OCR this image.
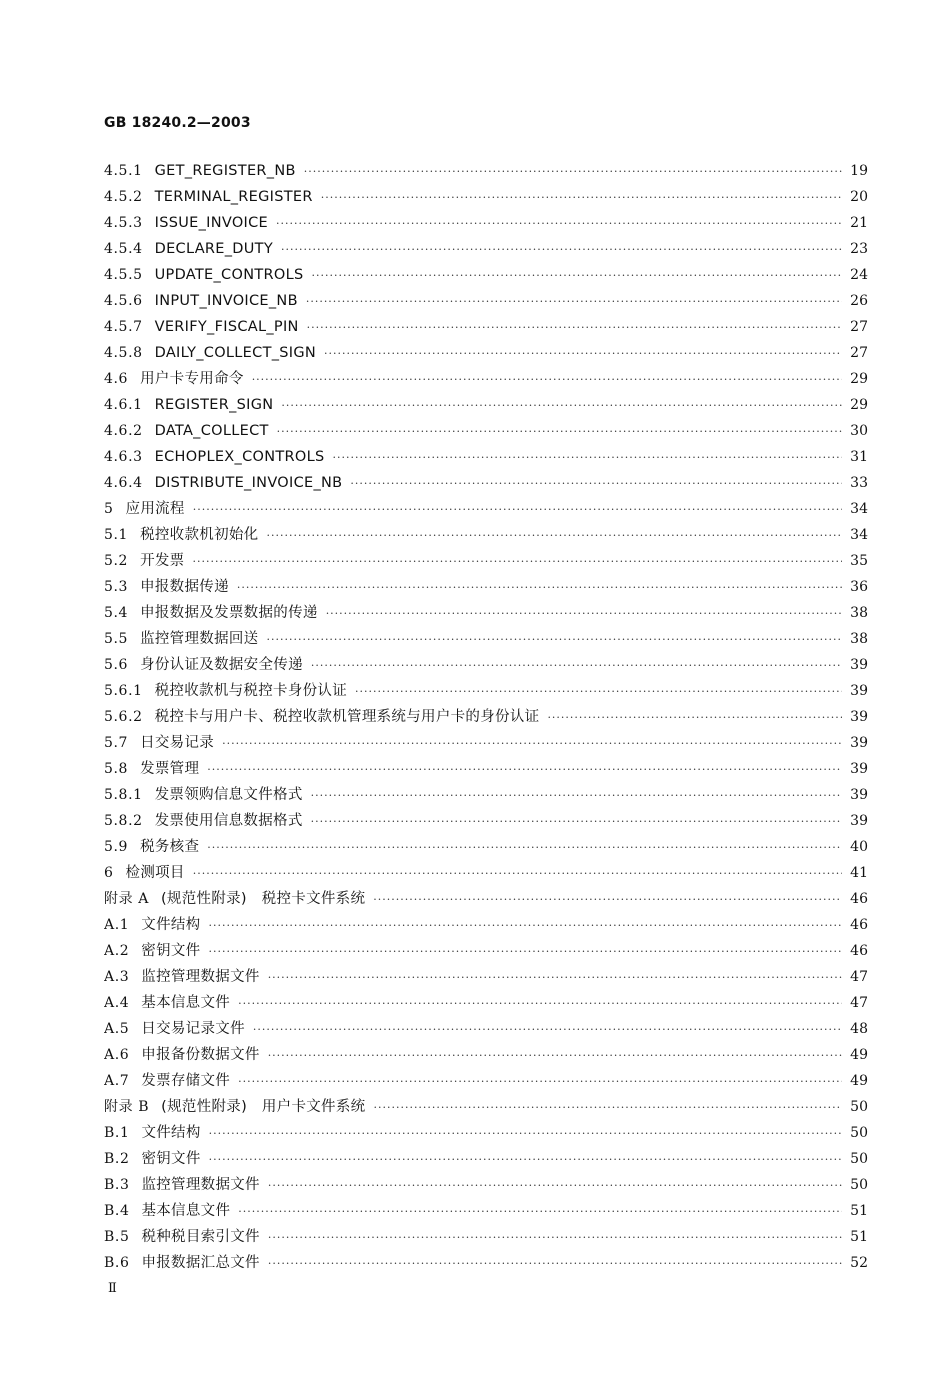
GB 18240.2—2003
4.5.1 GET_REGISTER_NB ·····	19
4.5.2 TERMINAL_REGISTER ·····	20
4.5.3 ISSUE_INVOICE ·····	21
4.5.4 DECLARE_DUTY ·····	23
4.5.5 UPDATE_CONTROLS ·····	24
4.5.6 INPUT_INVOICE_NB ·····	26
4.5.7 VERIFY_FISCAL_PIN ·····	27
4.5.8 DAILY_COLLECT_SIGN ·····	27
4.6 用户卡专用命令 ·····	29
4.6.1 REGISTER_SIGN ·····	29
4.6.2 DATA_COLLECT ·····	30
4.6.3 ECHOPLEX_CONTROLS ·····	31
4.6.4 DISTRIBUTE_INVOICE_NB ·····	33
5 应用流程 ·····	34
5.1 税控收款机初始化 ·····	34
5.2 开发票 ·····	35
5.3 申报数据传递 ·····	36
5.4 申报数据及发票数据的传递 ·····	38
5.5 监控管理数据回送 ·····	38
5.6 身份认证及数据安全传递 ·····	39
5.6.1 税控收款机与税控卡身份认证 ·····	39
5.6.2 税控卡与用户卡、税控收款机管理系统与用户卡的身份认证 ·····	39
5.7 日交易记录 ·····	39
5.8 发票管理 ·····	39
5.8.1 发票领购信息文件格式 ·····	39
5.8.2 发票使用信息数据格式 ·····	39
5.9 税务核查 ·····	40
6 检测项目 ·····	41
附录 A (规范性附录)　税控卡文件系统 ·····	46
A.1 文件结构 ·····	46
A.2 密钥文件 ·····	46
A.3 监控管理数据文件 ·····	47
A.4 基本信息文件 ·····	47
A.5 日交易记录文件 ·····	48
A.6 申报备份数据文件 ·····	49
A.7 发票存储文件 ·····	49
附录 B (规范性附录)　用户卡文件系统 ·····	50
B.1 文件结构 ·····	50
B.2 密钥文件 ·····	50
B.3 监控管理数据文件 ·····	50
B.4 基本信息文件 ·····	51
B.5 税种税目索引文件 ·····	51
B.6 申报数据汇总文件 ·····	52
Ⅱ
